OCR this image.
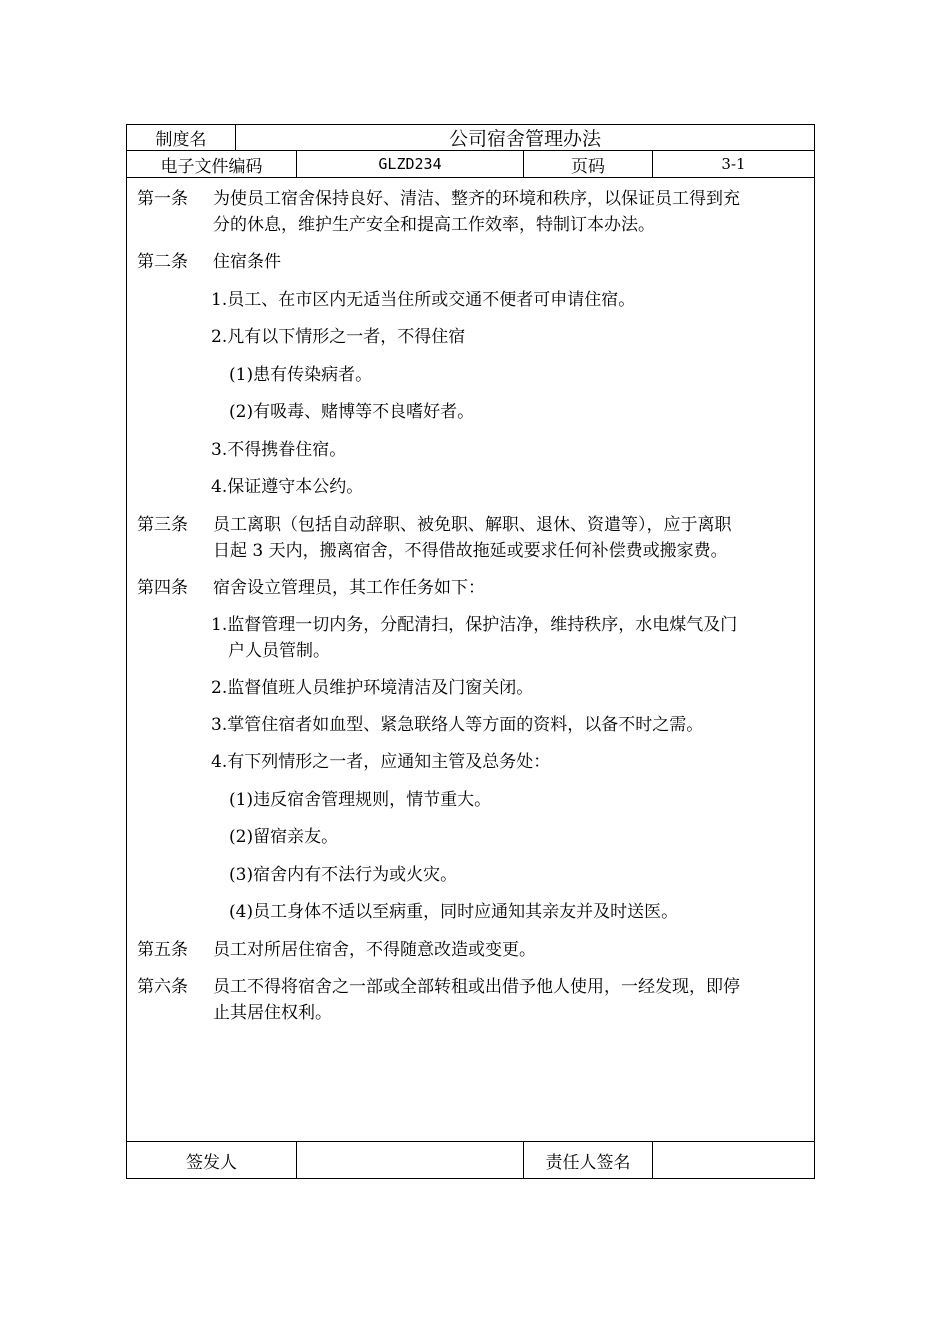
制度名	公司宿舍管理办法
电子文件编码	GLZD234	页码	3-1
第一条 为使员工宿舍保持良好、清洁、整齐的环境和秩序，以保证员工得到充
分的休息，维护生产安全和提高工作效率，特制订本办法。
第二条 住宿条件
1.员工、在市区内无适当住所或交通不便者可申请住宿。
2.凡有以下情形之一者，不得住宿
(1)患有传染病者。
(2)有吸毒、赌博等不良嗜好者。
3.不得携眷住宿。
4.保证遵守本公约。
第三条 员工离职（包括自动辞职、被免职、解职、退休、资遣等），应于离职
日起 3 天内，搬离宿舍，不得借故拖延或要求任何补偿费或搬家费。
第四条 宿舍设立管理员，其工作任务如下：
1.监督管理一切内务，分配清扫，保护洁净，维持秩序，水电煤气及门
户人员管制。
2.监督值班人员维护环境清洁及门窗关闭。
3.掌管住宿者如血型、紧急联络人等方面的资料，以备不时之需。
4.有下列情形之一者，应通知主管及总务处：
(1)违反宿舍管理规则，情节重大。
(2)留宿亲友。
(3)宿舍内有不法行为或火灾。
(4)员工身体不适以至病重，同时应通知其亲友并及时送医。
第五条 员工对所居住宿舍，不得随意改造或变更。
第六条 员工不得将宿舍之一部或全部转租或出借予他人使用，一经发现，即停
止其居住权利。
签发人	责任人签名
